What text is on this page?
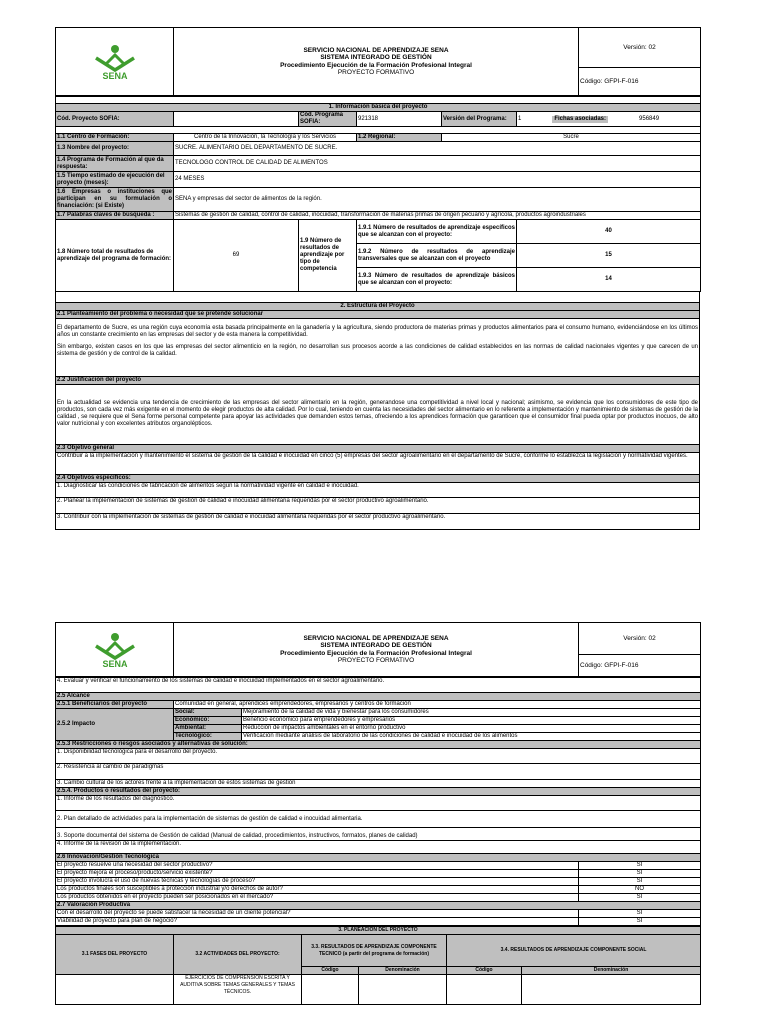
SENA

SERVICIO NACIONAL DE APRENDIZAJE SENA
SISTEMA INTEGRADO DE GESTIÓN
Procedimiento Ejecución de la Formación Profesional Integral
PROYECTO FORMATIVO
	Versión: 02
Código: GFPI-F-016

1. Información básica del proyecto					
Cód. Proyecto SOFIA:		Cód. Programa SOFIA:	921318	Versión del Programa:	1 Fichas asociadas: 956849

1.1 Centro de Formación:	Centro de la Innovación, la Tecnología y los Servicios		1.2 Regional:	Sucre	
1.3 Nombre del proyecto:	SUCRE. ALIMENTARIO DEL DEPARTAMENTO DE SUCRE.				
1.4 Programa de Formación al que da respuesta:	TECNOLOGO CONTROL DE CALIDAD DE ALIMENTOS				
1.5 Tiempo estimado de ejecución del proyecto (meses):	24 MESES				
1.6 Empresas o instituciones que participan en su formulación o financiación: (si Existe)	SENA y empresas del sector de alimentos de la región.				
1.7 Palabras claves de búsqueda :	Sistemas de gestión de calidad, control de calidad, inocuidad, transformación de materias primas de origen pecuario y agrícola, productos agroindustriales				
1.8 Número total de resultados de aprendizaje del programa de formación:	69	1.9 Número de resultados de aprendizaje por tipo de competencia	1.9.1 Número de resultados de aprendizaje específicos que se alcanzan con el proyecto:		40
			1.9.2 Número de resultados de aprendizaje transversales que se alcanzan con el proyecto		15
			1.9.3 Número de resultados de aprendizaje básicos que se alcanzan con el proyecto:		14

2. Estructura del Proyecto
2.1 Planteamiento del problema o necesidad que se pretende solucionar

El departamento de Sucre, es una región cuya economía esta basada principalmente en la ganadería y la agricultura, siendo productora de materias primas y productos alimentarios para el consumo humano, evidenciándose en los últimos años un constante crecimiento en las empresas del sector y de esta manera la competitividad.
Sin embargo, existen casos en los que las empresas del sector alimenticio en la región, no desarrollan sus procesos acorde a las condiciones de calidad establecidos en las normas de calidad nacionales vigentes y que carecen de un sistema de gestión y de control de la calidad.

2.2 Justificación del proyecto
En la actualidad se evidencia una tendencia de crecimiento de las empresas del sector alimentario en la región, generandose una competitividad a nivel local y nacional; asimismo, se evidencia que los consumidores de este tipo de productos, son cada vez más exigente en el momento de elegir productos de alta calidad. Por lo cual, teniendo en cuenta las necesidades del sector alimentario en lo referente a implementación y mantenimiento de sistemas de gestión de la calidad , se requiere que el Sena forme personal competente para apoyar las actividades que demanden estos temas, ofreciendo a los aprendices formación que garanticen que el consumidor final pueda optar por productos inocuos, de alto valor nutricional y con excelentes atributos organolépticos.
2.3 Objetivo general
Contribuir a la implementación y mantenimiento el sistema de gestión de la calidad e inocuidad en cinco (5) empresas del sector agroalimentario en el departamento de Sucre, conforme lo establezca la legislación y normatividad vigentes.
2.4 Objetivos específicos:
1. Diagnosticar las condiciones de fabricación de alimentos según la normatividad vigente en calidad e inocuidad.
2. Planear la implementación de sistemas de gestión de calidad e inocuidad alimentaria requeridas por el sector productivo agroalimentario.
3. Contribuir con la implementación de sistemas de gestión de calidad e inocuidad alimentaria requeridas por el sector productivo agroalimentario.
SENA

SERVICIO NACIONAL DE APRENDIZAJE SENA
SISTEMA INTEGRADO DE GESTIÓN
Procedimiento Ejecución de la Formación Profesional Integral
PROYECTO FORMATIVO
	Versión: 02
Código: GFPI-F-016
4. Evaluar y verificar el funcionamiento de los sistemas de calidad e inocuidad implementados en el sector agroalimentario.			
2.5 Alcance			
2.5.1 Beneficiarios del proyecto	Comunidad en general, aprendices emprendedores, empresarios y centros de formación		
2.5.2 Impacto	Social:	Mejoramiento de la calidad de vida y bienestar para los consumidores	
	Económico:	Beneficio económico para emprendedores y empresarios	
	Ambiental:	Reducción de impactos ambientales en el entorno productivo	
	Tecnológico:	Verificación mediante análisis de laboratorio de las condiciones de calidad e inocuidad de los alimentos	
2.5.3 Restricciones o riesgos asociados y alternativas de solución:			
1. Disponibilidad tecnológica para el desarrollo del proyecto.			
2. Resistencia al cambio de paradigmas			
3. Cambio cultural de los actores frente a la implementación de estos sistemas de gestión			
2.5.4. Productos o resultados del proyecto:			
1. Informe de los resultados del diagnóstico.			
2. Plan detallado de actividades para la implementación de sistemas de gestión de calidad e inocuidad alimentaria.			
3. Soporte documental del sistema de Gestión de calidad (Manual de calidad, procedimientos, instructivos, formatos, planes de calidad)			
4. Informe de la revisión de la implementación.			
2.6 Innovación/Gestión Tecnológica			
El proyecto resuelve una necesidad del sector productivo?			SI
El proyecto mejora el proceso/producto/servicio existente?			SI
El proyecto involucra el uso de nuevas técnicas y tecnologías de proceso?			SI
Los productos finales son susceptibles a protección industrial y/o derechos de autor?			NO
Los productos obtenidos en el proyecto pueden ser posicionados en el mercado?			SI
2.7 Valoración Productiva			
Con el desarrollo del proyecto se puede satisfacer la necesidad de un cliente potencial?			SI
Viabilidad de proyecto para plan de negocio?			SI
3. PLANEACION DEL PROYECTO					
3.1 FASES DEL PROYECTO	3.2 ACTIVIDADES DEL PROYECTO:	3.3. RESULTADOS DE APRENDIZAJE COMPONENTE TECNICO (a partir del programa de formación)		3.4. RESULTADOS DE APRENDIZAJE COMPONENTE SOCIAL	
		Código	Denominación	Código	Denominación
	EJERCICIOS DE COMPRENSION ESCRITA Y AUDITIVA SOBRE TEMAS GENERALES Y TEMAS TÉCNICOS.				
